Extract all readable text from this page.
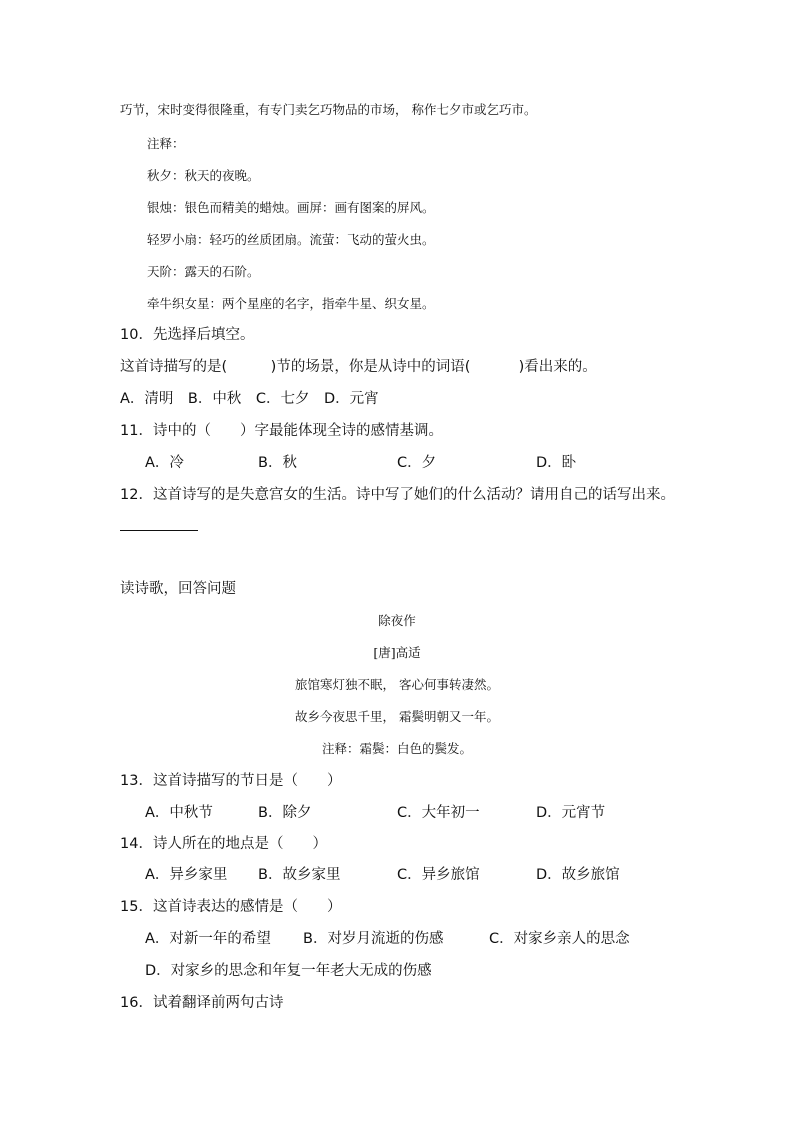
巧节，宋时变得很隆重，有专门卖乞巧物品的市场， 称作七夕市或乞巧市。
注释：
秋夕：秋天的夜晚。
银烛：银色而精美的蜡烛。画屏：画有图案的屏风。
轻罗小扇：轻巧的丝质团扇。流萤：飞动的萤火虫。
天阶：露天的石阶。
牵牛织女星：两个星座的名字，指牵牛星、织女星。
10．先选择后填空。
这首诗描写的是(　　　)节的场景，你是从诗中的词语(　　　 )看出来的。
A．清明　B．中秋　C．七夕　D．元宵
11．诗中的（　　）字最能体现全诗的感情基调。
A．冷	B．秋	C．夕	D．卧
12．这首诗写的是失意宫女的生活。诗中写了她们的什么活动？请用自己的话写出来。
读诗歌，回答问题
除夜作
[唐]高适
旅馆寒灯独不眠， 客心何事转凄然。
故乡今夜思千里， 霜鬓明朝又一年。
注释：霜鬓：白色的鬓发。
13．这首诗描写的节日是（　　）
A．中秋节	B．除夕	C．大年初一	D．元宵节
14．诗人所在的地点是（　　）
A．异乡家里 B．故乡家里	C．异乡旅馆	D．故乡旅馆
15．这首诗表达的感情是（　　）
A．对新一年的希望 B．对岁月流逝的伤感	C．对家乡亲人的思念
D．对家乡的思念和年复一年老大无成的伤感
16．试着翻译前两句古诗
